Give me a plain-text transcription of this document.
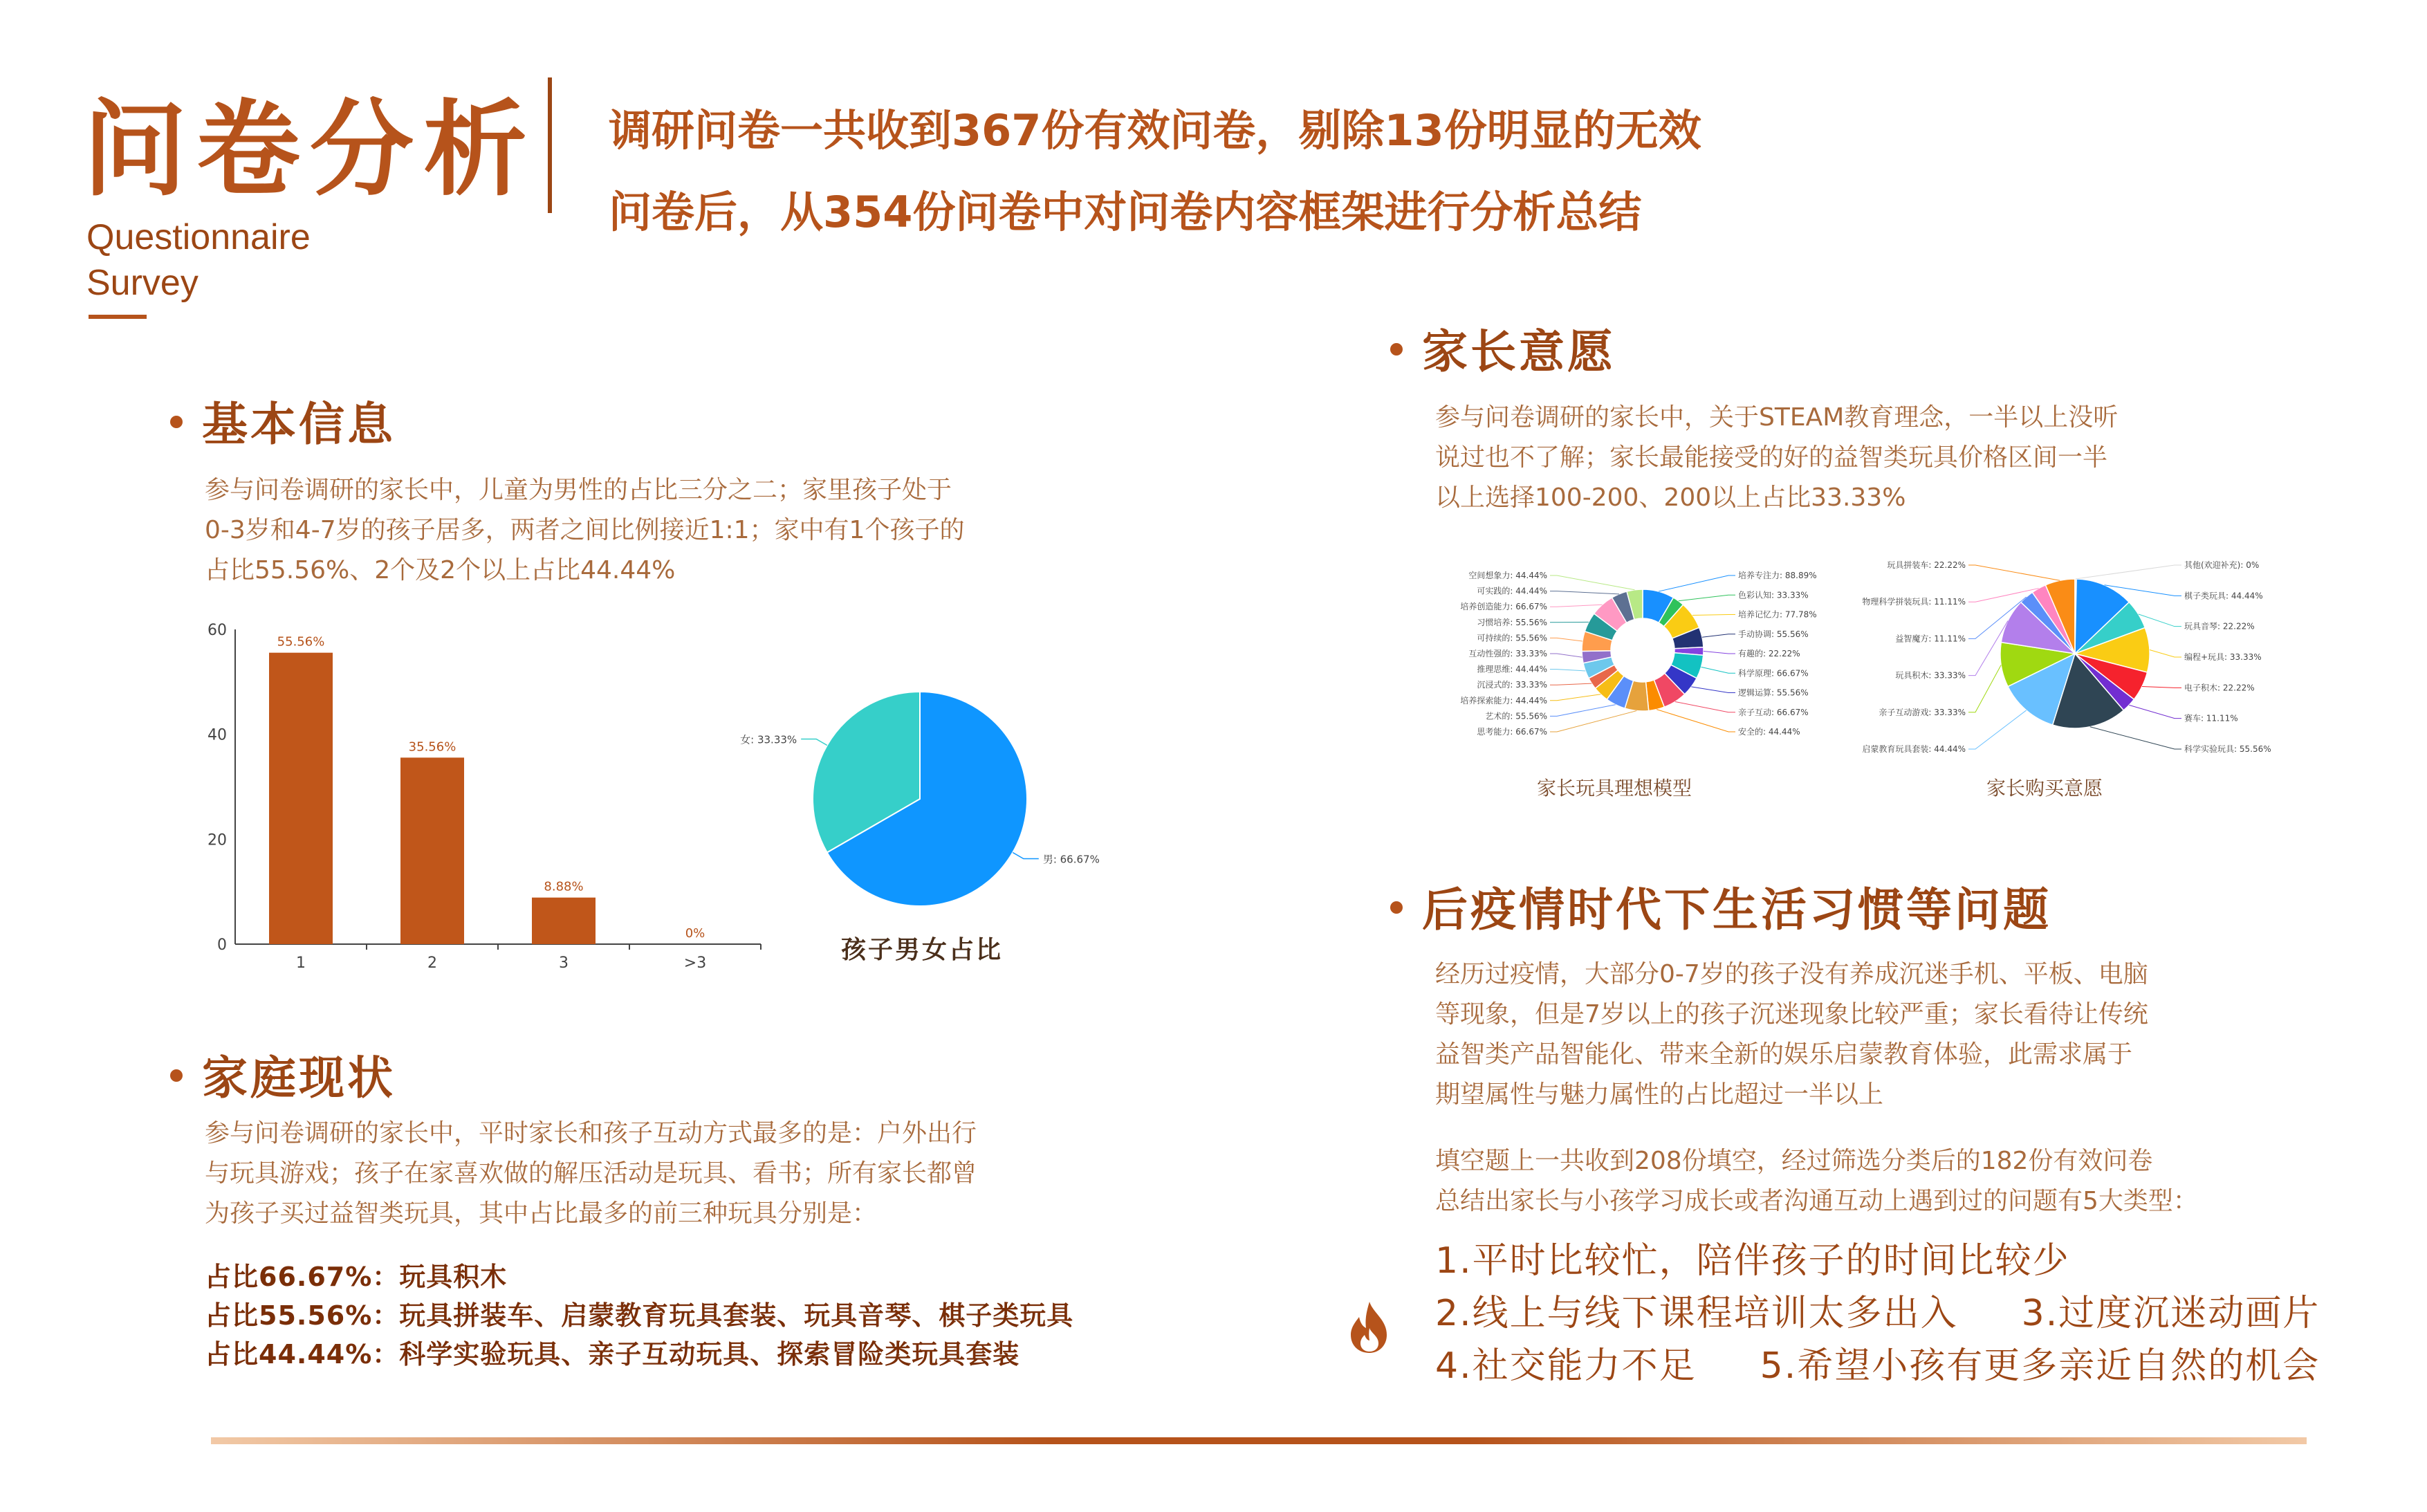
问卷分析
Questionnaire
Survey
调研问卷一共收到367份有效问卷，剔除13份明显的无效
问卷后，从354份问卷中对问卷内容框架进行分析总结
基本信息
参与问卷调研的家长中，儿童为男性的占比三分之二；家里孩子处于
0-3岁和4-7岁的孩子居多，两者之间比例接近1:1；家中有1个孩子的
占比55.56%、2个及2个以上占比44.44%
0
20
40
60
1	2	3	>3
55.56%
35.56%
8.88%
0%
男: 66.67%
女: 33.33%
孩子男女占比
家庭现状
参与问卷调研的家长中，平时家长和孩子互动方式最多的是：户外出行
与玩具游戏；孩子在家喜欢做的解压活动是玩具、看书；所有家长都曾
为孩子买过益智类玩具，其中占比最多的前三种玩具分别是：
占比66.67%：玩具积木
占比55.56%：玩具拼装车、启蒙教育玩具套装、玩具音琴、棋子类玩具
占比44.44%：科学实验玩具、亲子互动玩具、探索冒险类玩具套装
家长意愿
参与问卷调研的家长中，关于STEAM教育理念，一半以上没听
说过也不了解；家长最能接受的好的益智类玩具价格区间一半
以上选择100-200、200以上占比33.33%
培养专注力: 88.89%
色彩认知: 33.33%
培养记忆力: 77.78%
手动协调: 55.56%
有趣的: 22.22%
科学原理: 66.67%
逻辑运算: 55.56%
亲子互动: 66.67%
安全的: 44.44%
空间想象力: 44.44%
可实践的: 44.44%
培养创造能力: 66.67%
习惯培养: 55.56%
可持续的: 55.56%
互动性强的: 33.33%
推理思维: 44.44%
沉浸式的: 33.33%
培养探索能力: 44.44%
艺术的: 55.56%
思考能力: 66.67%
家长玩具理想模型
其他(欢迎补充): 0%
棋子类玩具: 44.44%
玩具音琴: 22.22%
编程+玩具: 33.33%
电子积木: 22.22%
赛车: 11.11%
科学实验玩具: 55.56%
玩具拼装车: 22.22%
物理科学拼装玩具: 11.11%
益智魔方: 11.11%
玩具积木: 33.33%
亲子互动游戏: 33.33%
启蒙教育玩具套装: 44.44%
家长购买意愿
后疫情时代下生活习惯等问题
经历过疫情，大部分0-7岁的孩子没有养成沉迷手机、平板、电脑
等现象，但是7岁以上的孩子沉迷现象比较严重；家长看待让传统
益智类产品智能化、带来全新的娱乐启蒙教育体验，此需求属于
期望属性与魅力属性的占比超过一半以上
填空题上一共收到208份填空，经过筛选分类后的182份有效问卷
总结出家长与小孩学习成长或者沟通互动上遇到过的问题有5大类型：
1.平时比较忙，陪伴孩子的时间比较少
2.线上与线下课程培训太多出入 3.过度沉迷动画片
4.社交能力不足 5.希望小孩有更多亲近自然的机会
